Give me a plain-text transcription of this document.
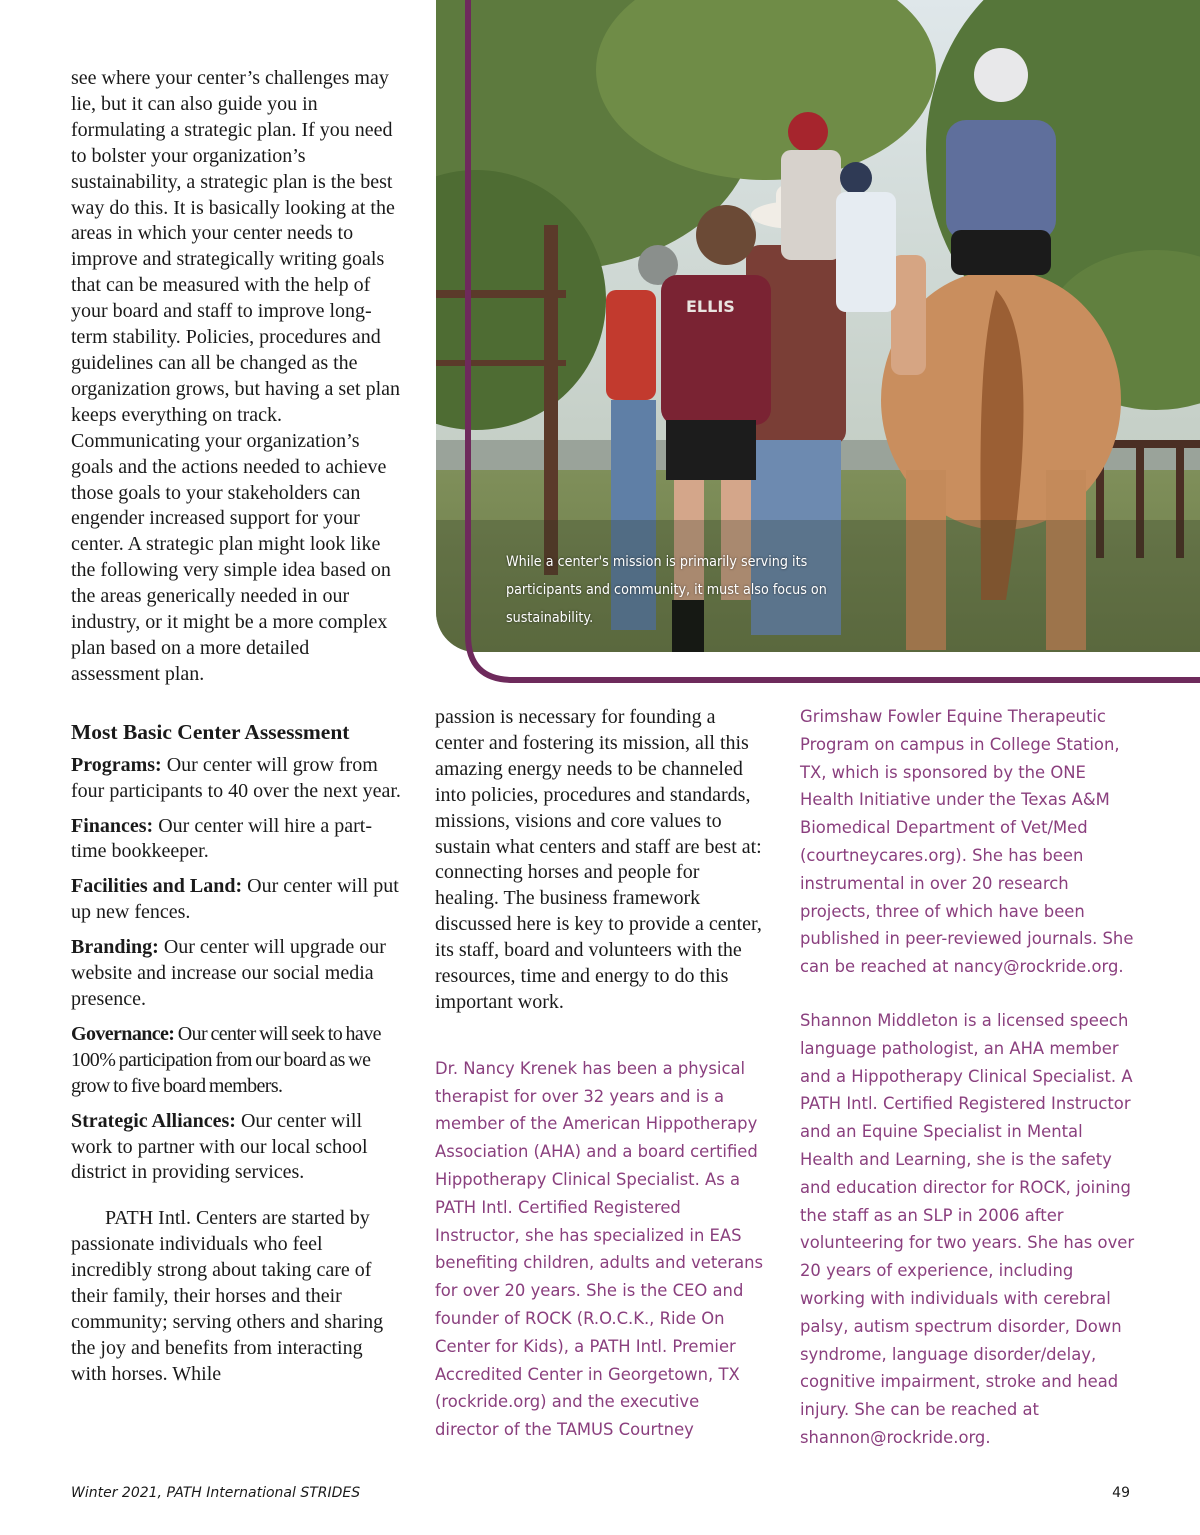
see where your center’s challenges may lie, but it can also guide you in formulating a strategic plan. If you need to bolster your organization’s sustainability, a strategic plan is the best way do this. It is basically looking at the areas in which your center needs to improve and strategically writing goals that can be measured with the help of your board and staff to improve long-term stability. Policies, procedures and guidelines can all be changed as the organization grows, but having a set plan keeps everything on track. Communicating your organization’s goals and the actions needed to achieve those goals to your stakeholders can engender increased support for your center. A strategic plan might look like the following very simple idea based on the areas generically needed in our industry, or it might be a more complex plan based on a more detailed assessment plan.

Most Basic Center Assessment

Programs: Our center will grow from four participants to 40 over the next year.

Finances: Our center will hire a part-time bookkeeper.

Facilities and Land: Our center will put up new fences.

Branding: Our center will upgrade our website and increase our social media presence.

Governance: Our center will seek to have 100% participation from our board as we grow to five board members.

Strategic Alliances: Our center will work to partner with our local school district in providing services.

PATH Intl. Centers are started by passionate individuals who feel incredibly strong about taking care of their family, their horses and their community; serving others and sharing the joy and benefits from interacting with horses. While

ELLIS

While a center's mission is primarily serving its participants and community, it must also focus on sustainability.

passion is necessary for founding a center and fostering its mission, all this amazing energy needs to be channeled into policies, procedures and standards, missions, visions and core values to sustain what centers and staff are best at: connecting horses and people for healing. The business framework discussed here is key to provide a center, its staff, board and volunteers with the resources, time and energy to do this important work.

Dr. Nancy Krenek has been a physical therapist for over 32 years and is a member of the American Hippotherapy Association (AHA) and a board certified Hippotherapy Clinical Specialist. As a PATH Intl. Certified Registered Instructor, she has specialized in EAS benefiting children, adults and veterans for over 20 years. She is the CEO and founder of ROCK (R.O.C.K., Ride On Center for Kids), a PATH Intl. Premier Accredited Center in Georgetown, TX (rockride.org) and the executive director of the TAMUS Courtney

Grimshaw Fowler Equine Therapeutic Program on campus in College Station, TX, which is sponsored by the ONE Health Initiative under the Texas A&M Biomedical Department of Vet/Med (courtneycares.org). She has been instrumental in over 20 research projects, three of which have been published in peer-reviewed journals. She can be reached at nancy@rockride.org.

Shannon Middleton is a licensed speech language pathologist, an AHA member and a Hippotherapy Clinical Specialist. A PATH Intl. Certified Registered Instructor and an Equine Specialist in Mental Health and Learning, she is the safety and education director for ROCK, joining the staff as an SLP in 2006 after volunteering for two years. She has over 20 years of experience, including working with individuals with cerebral palsy, autism spectrum disorder, Down syndrome, language disorder/delay, cognitive impairment, stroke and head injury. She can be reached at shannon@rockride.org.

Winter 2021, PATH International STRIDES	49
